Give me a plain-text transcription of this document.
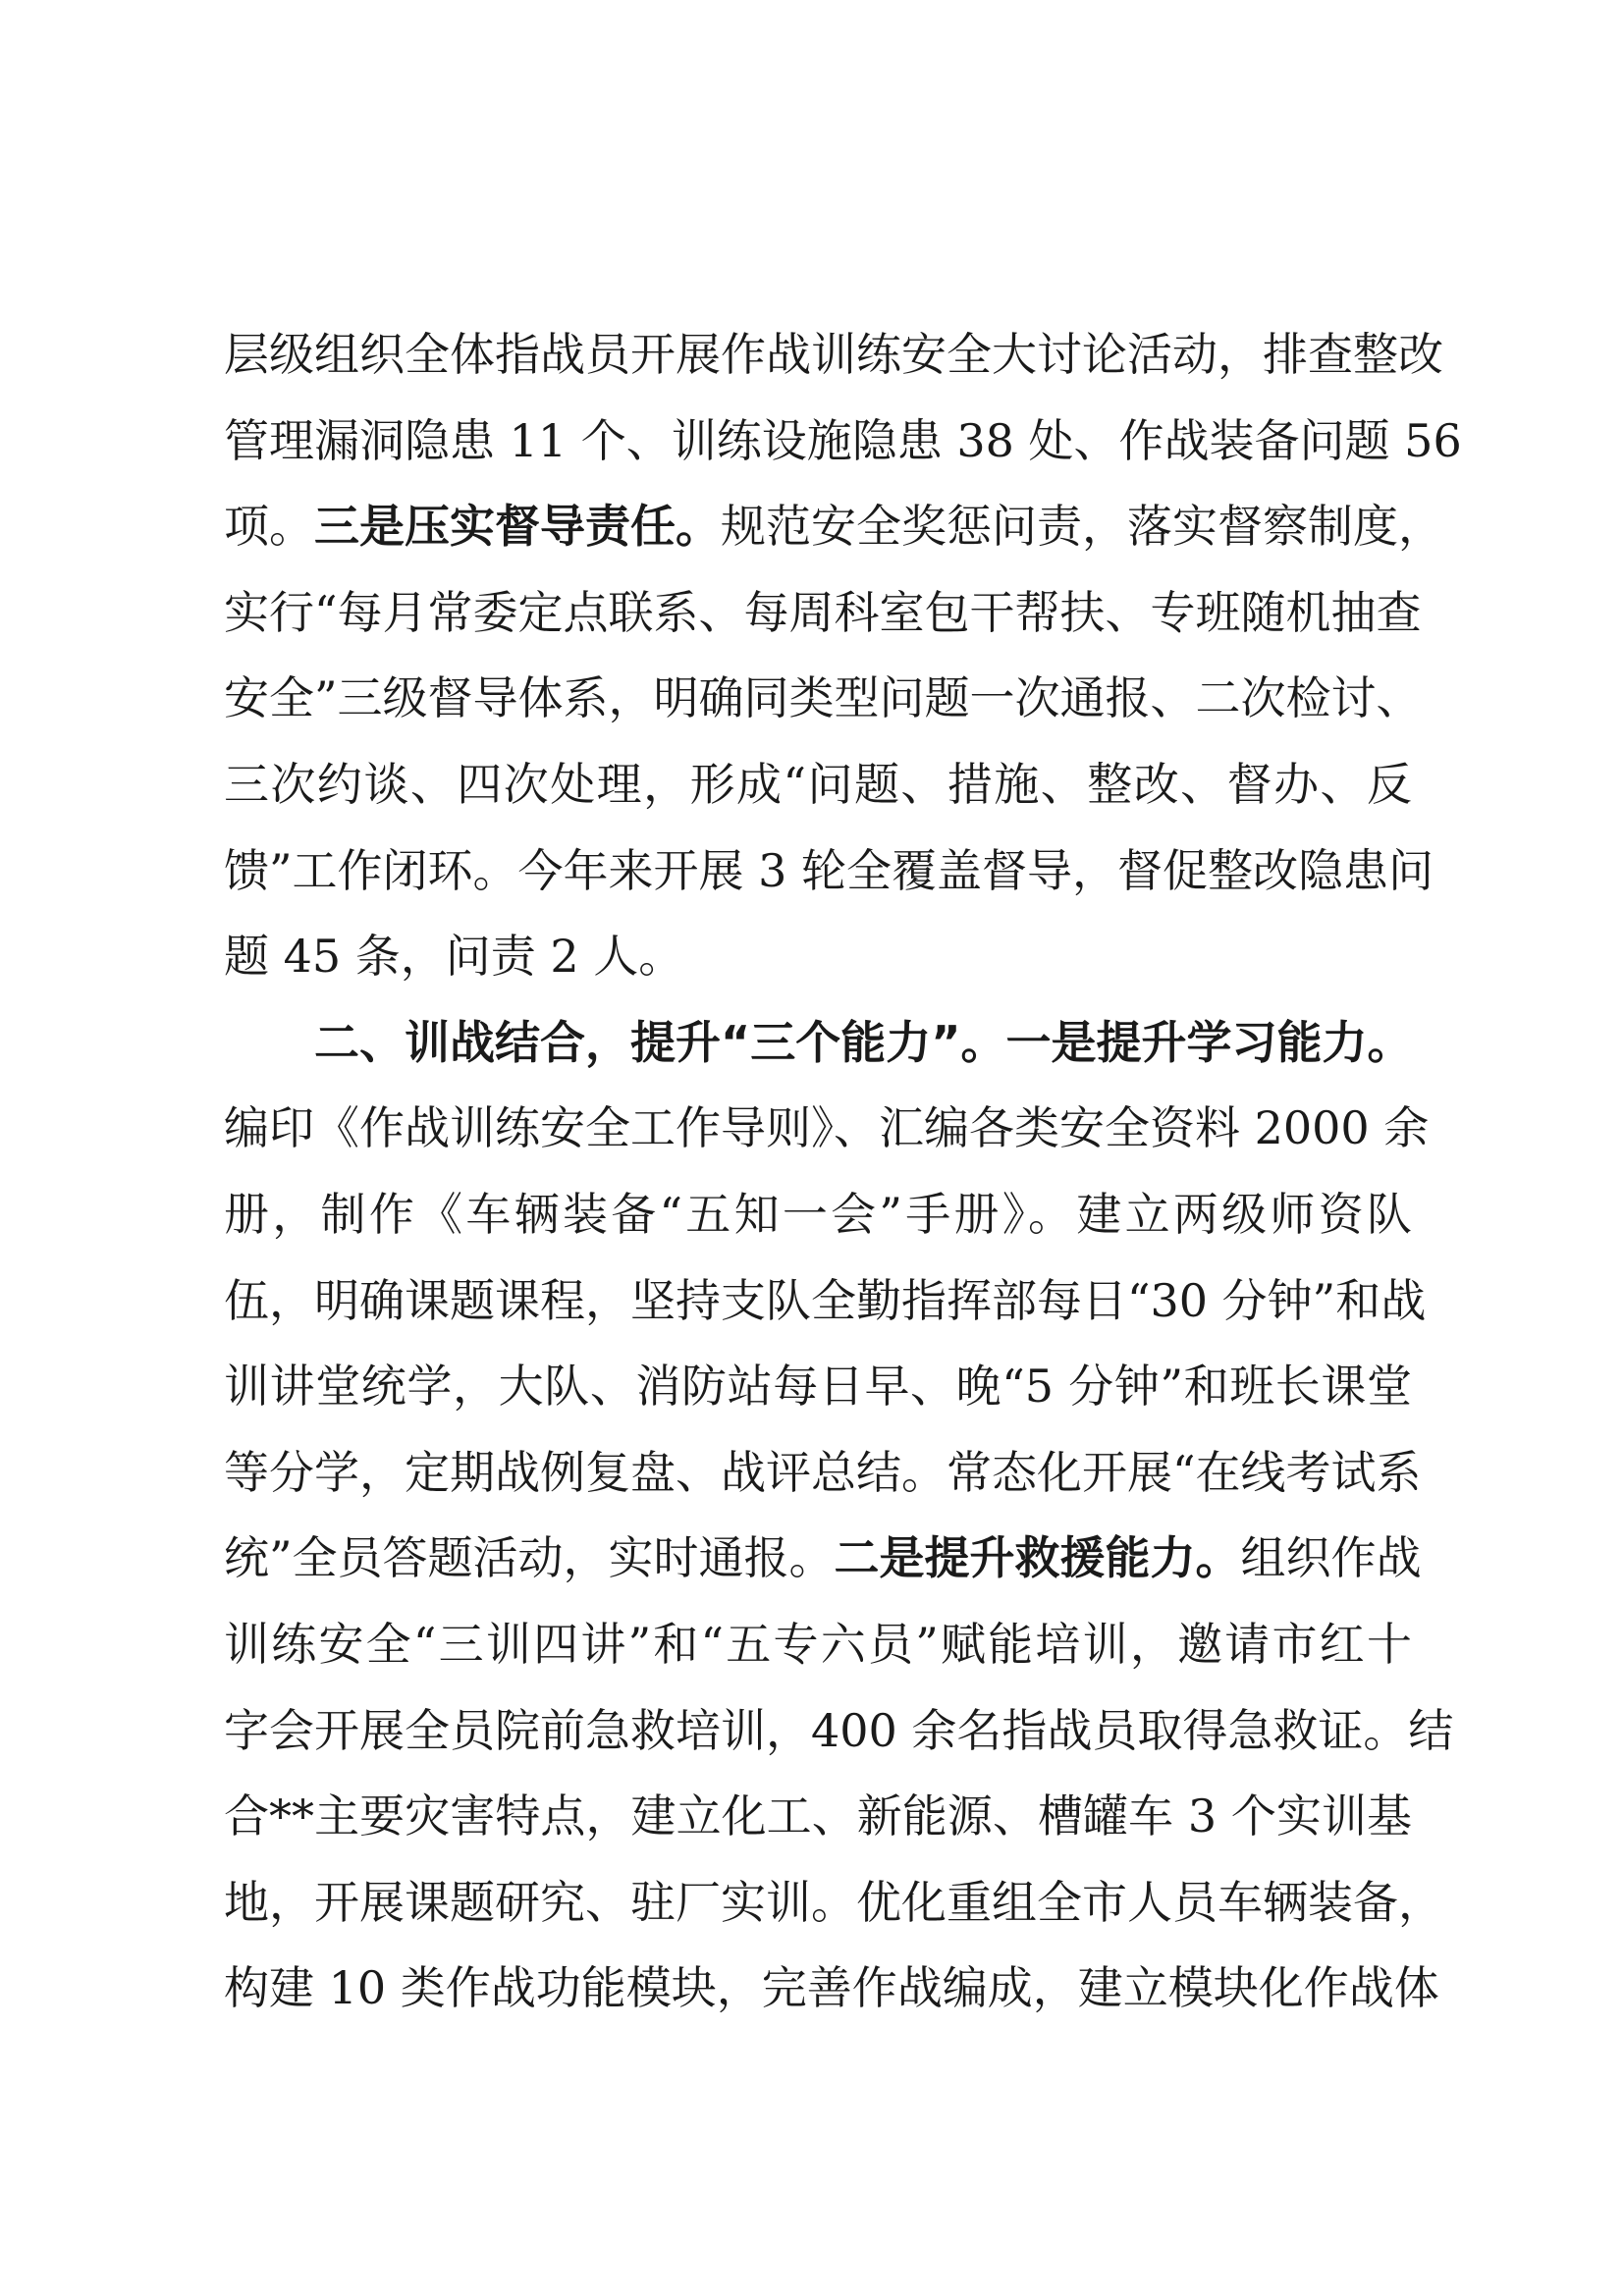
层级组织全体指战员开展作战训练安全大讨论活动，排查整改
管理漏洞隐患 11 个、训练设施隐患 38 处、作战装备问题 56
项。三是压实督导责任。规范安全奖惩问责，落实督察制度，
实行“每月常委定点联系、每周科室包干帮扶、专班随机抽查
安全”三级督导体系，明确同类型问题一次通报、二次检讨、
三次约谈、四次处理，形成“问题、措施、整改、督办、反
馈”工作闭环。今年来开展 3 轮全覆盖督导，督促整改隐患问
题 45 条，问责 2 人。
二、训战结合，提升“三个能力”。一是提升学习能力。
编印《作战训练安全工作导则》、汇编各类安全资料 2000 余
册，制作《车辆装备“五知一会”手册》。建立两级师资队
伍，明确课题课程，坚持支队全勤指挥部每日“30 分钟”和战
训讲堂统学，大队、消防站每日早、晚“5 分钟”和班长课堂
等分学，定期战例复盘、战评总结。常态化开展“在线考试系
统”全员答题活动，实时通报。二是提升救援能力。组织作战
训练安全“三训四讲”和“五专六员”赋能培训，邀请市红十
字会开展全员院前急救培训，400 余名指战员取得急救证。结
合**主要灾害特点，建立化工、新能源、槽罐车 3 个实训基
地，开展课题研究、驻厂实训。优化重组全市人员车辆装备，
构建 10 类作战功能模块，完善作战编成，建立模块化作战体
